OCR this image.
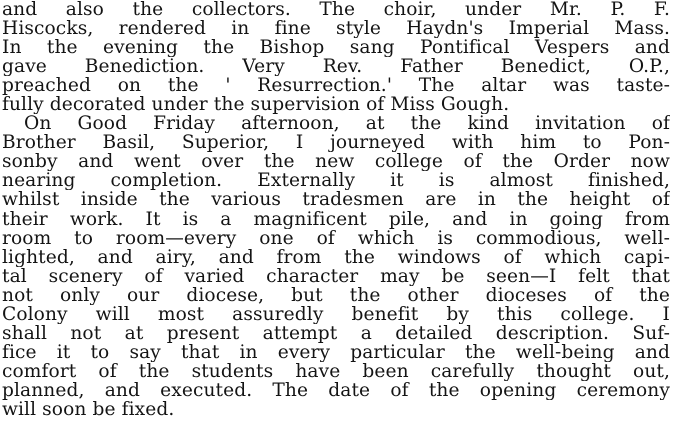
and also the collectors. The choir, under Mr. P. F.
Hiscocks, rendered in fine style Haydn's Imperial Mass.
In the evening the Bishop sang Pontifical Vespers and
gave Benediction. Very Rev. Father Benedict, O.P.,
preached on the ' Resurrection.' The altar was taste-
fully decorated under the supervision of Miss Gough.
On Good Friday afternoon, at the kind invitation of
Brother Basil, Superior, I journeyed with him to Pon-
sonby and went over the new college of the Order now
nearing completion. Externally it is almost finished,
whilst inside the various tradesmen are in the height of
their work. It is a magnificent pile, and in going from
room to room—every one of which is commodious, well-
lighted, and airy, and from the windows of which capi-
tal scenery of varied character may be seen—I felt that
not only our diocese, but the other dioceses of the
Colony will most assuredly benefit by this college. I
shall not at present attempt a detailed description. Suf-
fice it to say that in every particular the well-being and
comfort of the students have been carefully thought out,
planned, and executed. The date of the opening ceremony
will soon be fixed.
